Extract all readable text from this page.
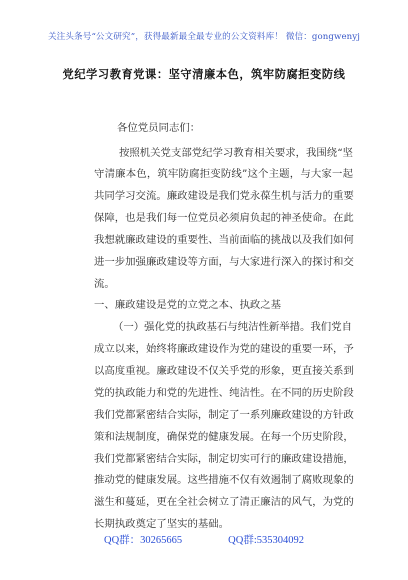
关注头条号“公文研究”，获得最新最全最专业的公文资料库！ 微信：gongwenyj
党纪学习教育党课：坚守清廉本色，筑牢防腐拒变防线
各位党员同志们：
按照机关党支部党纪学习教育相关要求，我围绕“坚
守清廉本色，筑牢防腐拒变防线”这个主题，与大家一起
共同学习交流。廉政建设是我们党永葆生机与活力的重要
保障，也是我们每一位党员必须肩负起的神圣使命。在此
我想就廉政建设的重要性、当前面临的挑战以及我们如何
进一步加强廉政建设等方面，与大家进行深入的探讨和交
流。
一、廉政建设是党的立党之本、执政之基
（一）强化党的执政基石与纯洁性新举措。我们党自
成立以来，始终将廉政建设作为党的建设的重要一环，予
以高度重视。廉政建设不仅关乎党的形象，更直接关系到
党的执政能力和党的先进性、纯洁性。在不同的历史阶段
我们党都紧密结合实际，制定了一系列廉政建设的方针政
策和法规制度，确保党的健康发展。在每一个历史阶段，
我们党都紧密结合实际，制定切实可行的廉政建设措施，
推动党的健康发展。这些措施不仅有效遏制了腐败现象的
滋生和蔓延，更在全社会树立了清正廉洁的风气，为党的
长期执政奠定了坚实的基础。
QQ群：30265665	QQ群:535304092
